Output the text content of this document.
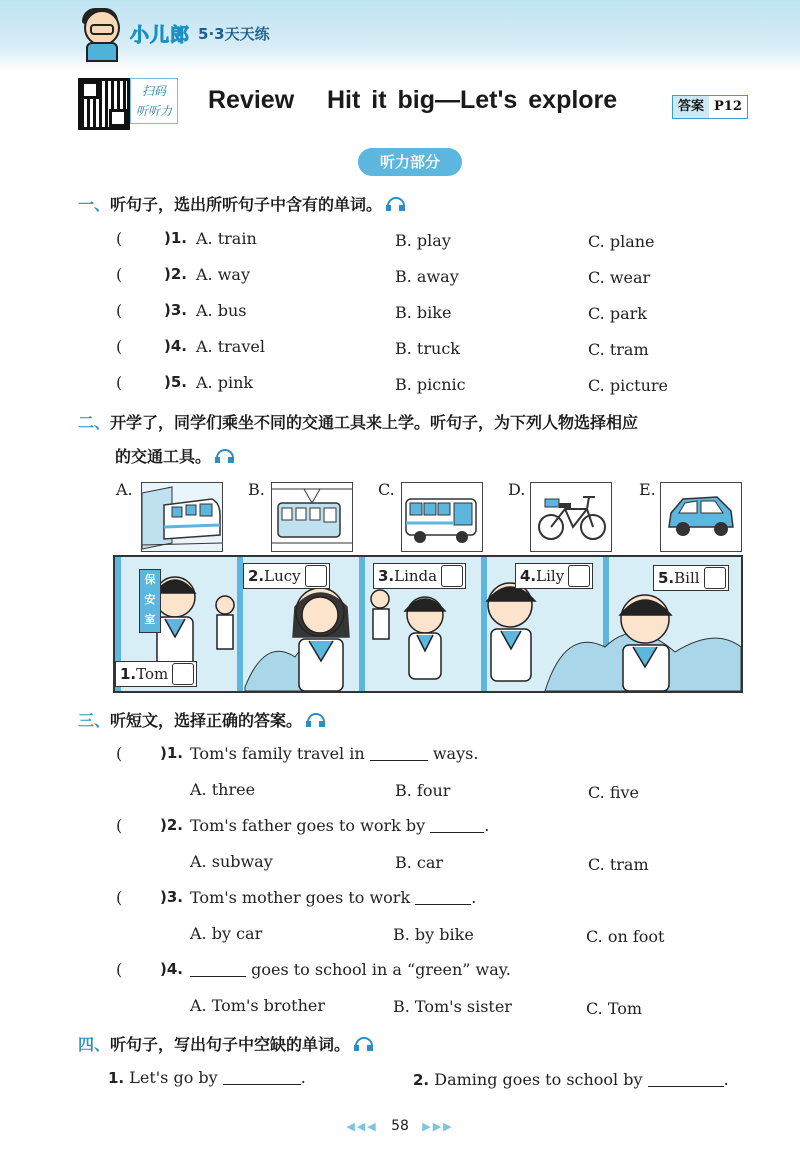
小儿郎 5·3天天练
扫码
听听力 Review   Hit it big—Let's explore	答案 P12
听力部分
一、听句子，选出所听句子中含有的单词。
(	)1. A. train	B. play	C. plane
(	)2. A. way	B. away	C. wear
(	)3. A. bus	B. bike	C. park
(	)4. A. travel	B. truck	C. tram
(	)5. A. pink	B. picnic	C. picture
二、开学了，同学们乘坐不同的交通工具来上学。听句子，为下列人物选择相应
的交通工具。
A.	B.	C.	D.	E.
保
安
室
1.Tom
2.Lucy	3.Linda	4.Lily	5.Bill
三、听短文，选择正确的答案。
(	)1. Tom's family travel in	ways.
A. three	B. four	C. five
(	)2. Tom's father goes to work by	.
A. subway	B. car	C. tram
(	)3. Tom's mother goes to work	.
A. by car	B. by bike	C. on foot
(	)4.	goes to school in a “green” way.
A. Tom's brother	B. Tom's sister	C. Tom
四、听句子，写出句子中空缺的单词。
1. Let's go by	.	2. Daming goes to school by	.
◀◀◀ 58 ▶▶▶
